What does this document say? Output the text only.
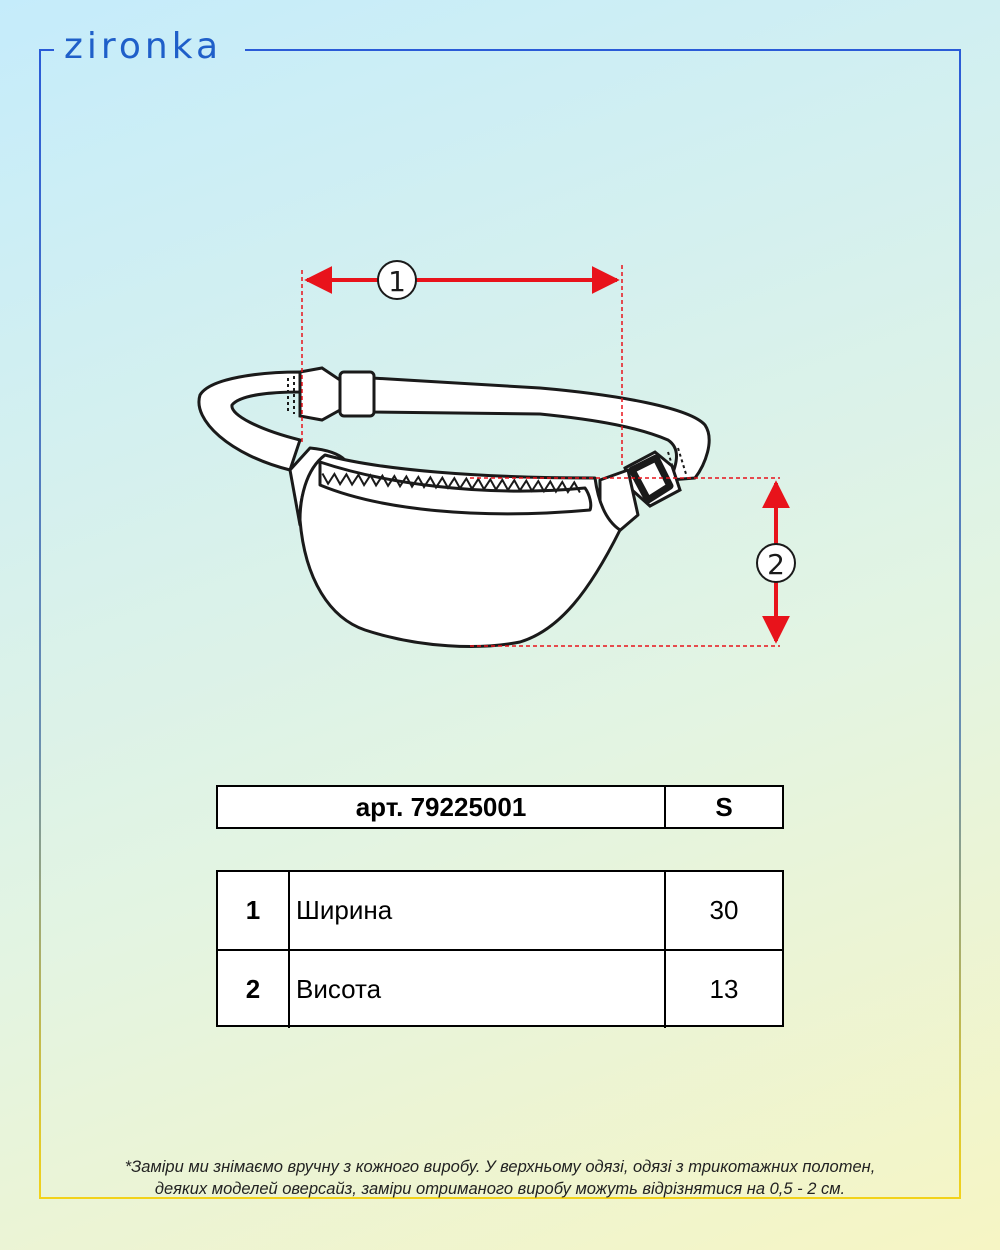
zironka
1
2
арт. 79225001	S
1	Ширина	30
2	Висота	13
*Заміри ми знімаємо вручну з кожного виробу. У верхньому одязі, одязі з трикотажних полотен,
деяких моделей оверсайз, заміри отриманого виробу можуть відрізнятися на 0,5 - 2 см.
